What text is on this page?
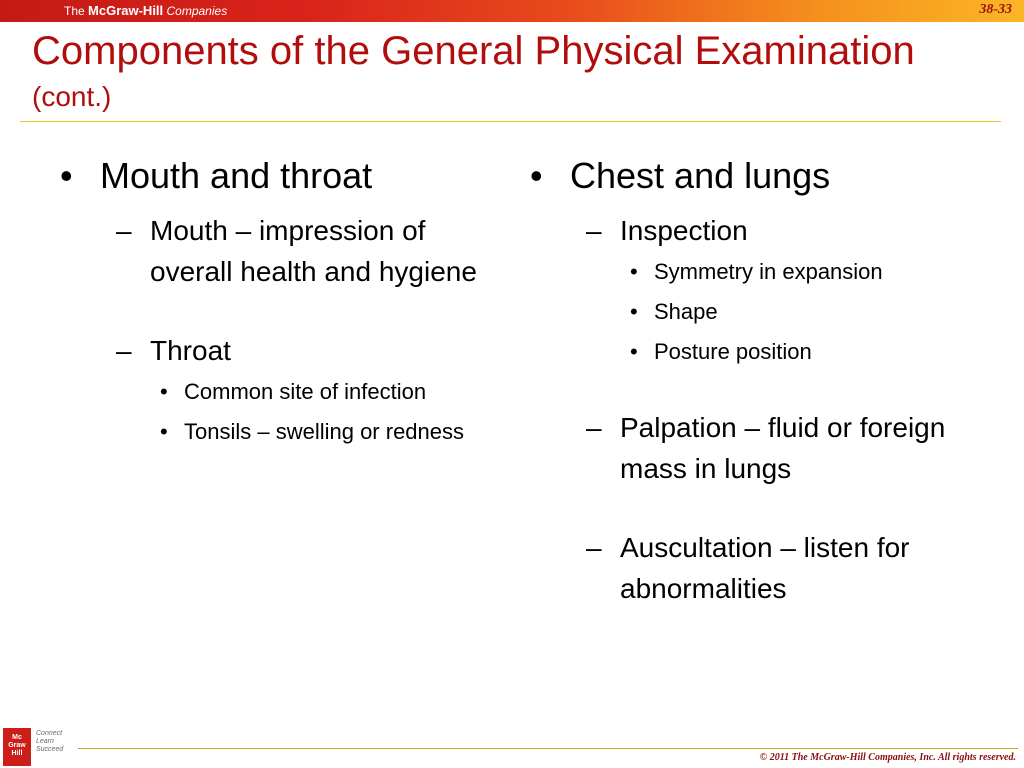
The McGraw-Hill Companies	38-33
Components of the General Physical Examination (cont.)
• Mouth and throat
– Mouth – impression of overall health and hygiene
– Throat
• Common site of infection
• Tonsils – swelling or redness
• Chest and lungs
– Inspection
• Symmetry in expansion
• Shape
• Posture position
– Palpation – fluid or foreign mass in lungs
– Auscultation – listen for abnormalities
Mc
Graw
Hill
Connect
Learn
Succeed
© 2011 The McGraw-Hill Companies, Inc. All rights reserved.
